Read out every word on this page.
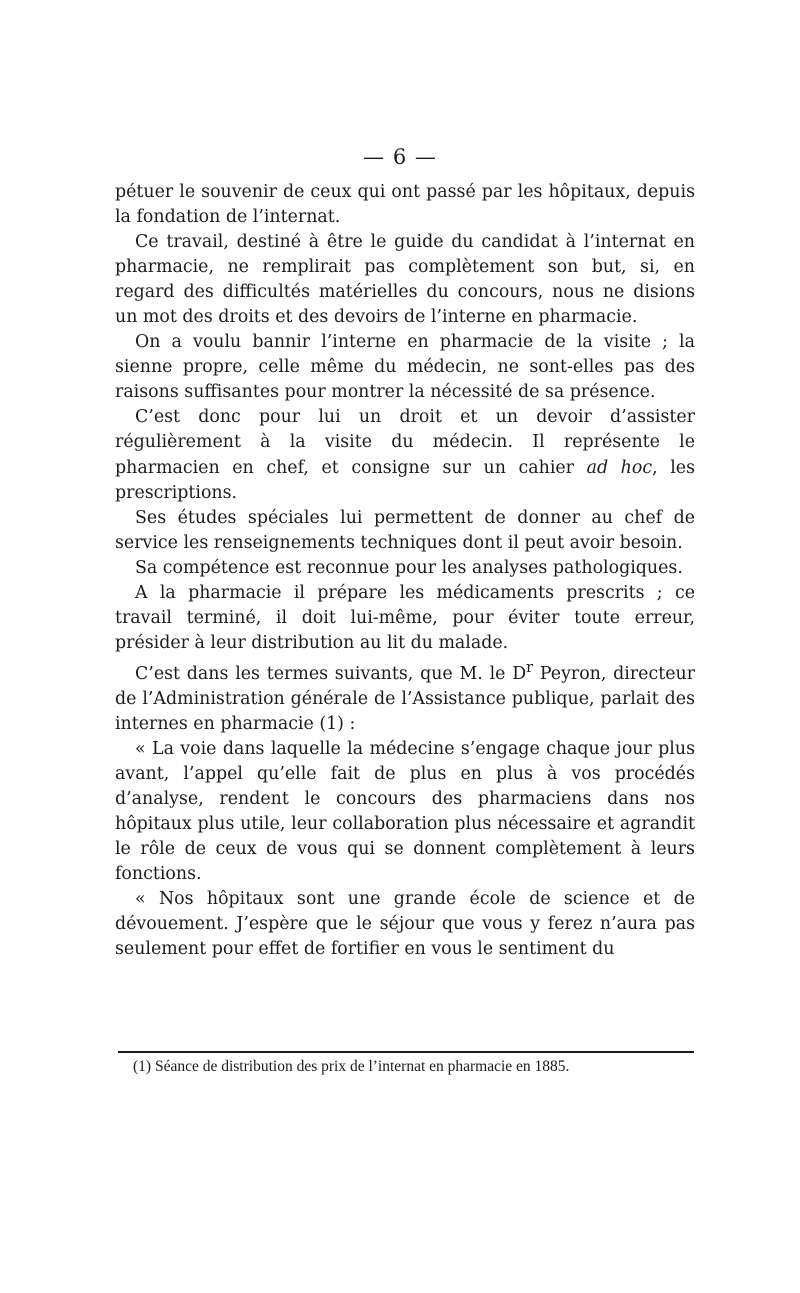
— 6 —

pétuer le souvenir de ceux qui ont passé par les hôpitaux, depuis la fondation de l’internat.

Ce travail, destiné à être le guide du candidat à l’internat en pharmacie, ne remplirait pas complètement son but, si, en regard des difficultés matérielles du concours, nous ne disions un mot des droits et des devoirs de l’interne en pharmacie.

On a voulu bannir l’interne en pharmacie de la visite ; la sienne propre, celle même du médecin, ne sont-elles pas des raisons suffisantes pour montrer la nécessité de sa présence.

C’est donc pour lui un droit et un devoir d’assister régulièrement à la visite du médecin. Il représente le pharmacien en chef, et consigne sur un cahier ad hoc, les prescriptions.

Ses études spéciales lui permettent de donner au chef de service les renseignements techniques dont il peut avoir besoin.

Sa compétence est reconnue pour les analyses pathologiques.

A la pharmacie il prépare les médicaments prescrits ; ce travail terminé, il doit lui-même, pour éviter toute erreur, présider à leur distribution au lit du malade.

C’est dans les termes suivants, que M. le $D^r$ Peyron, directeur de l’Administration générale de l’Assistance publique, parlait des internes en pharmacie (1) :

« La voie dans laquelle la médecine s’engage chaque jour plus avant, l’appel qu’elle fait de plus en plus à vos procédés d’analyse, rendent le concours des pharmaciens dans nos hôpitaux plus utile, leur collaboration plus nécessaire et agrandit le rôle de ceux de vous qui se donnent complètement à leurs fonctions.

« Nos hôpitaux sont une grande école de science et de dévouement. J’espère que le séjour que vous y ferez n’aura pas seulement pour effet de fortifier en vous le sentiment du

(1) Séance de distribution des prix de l’internat en pharmacie en 1885.
